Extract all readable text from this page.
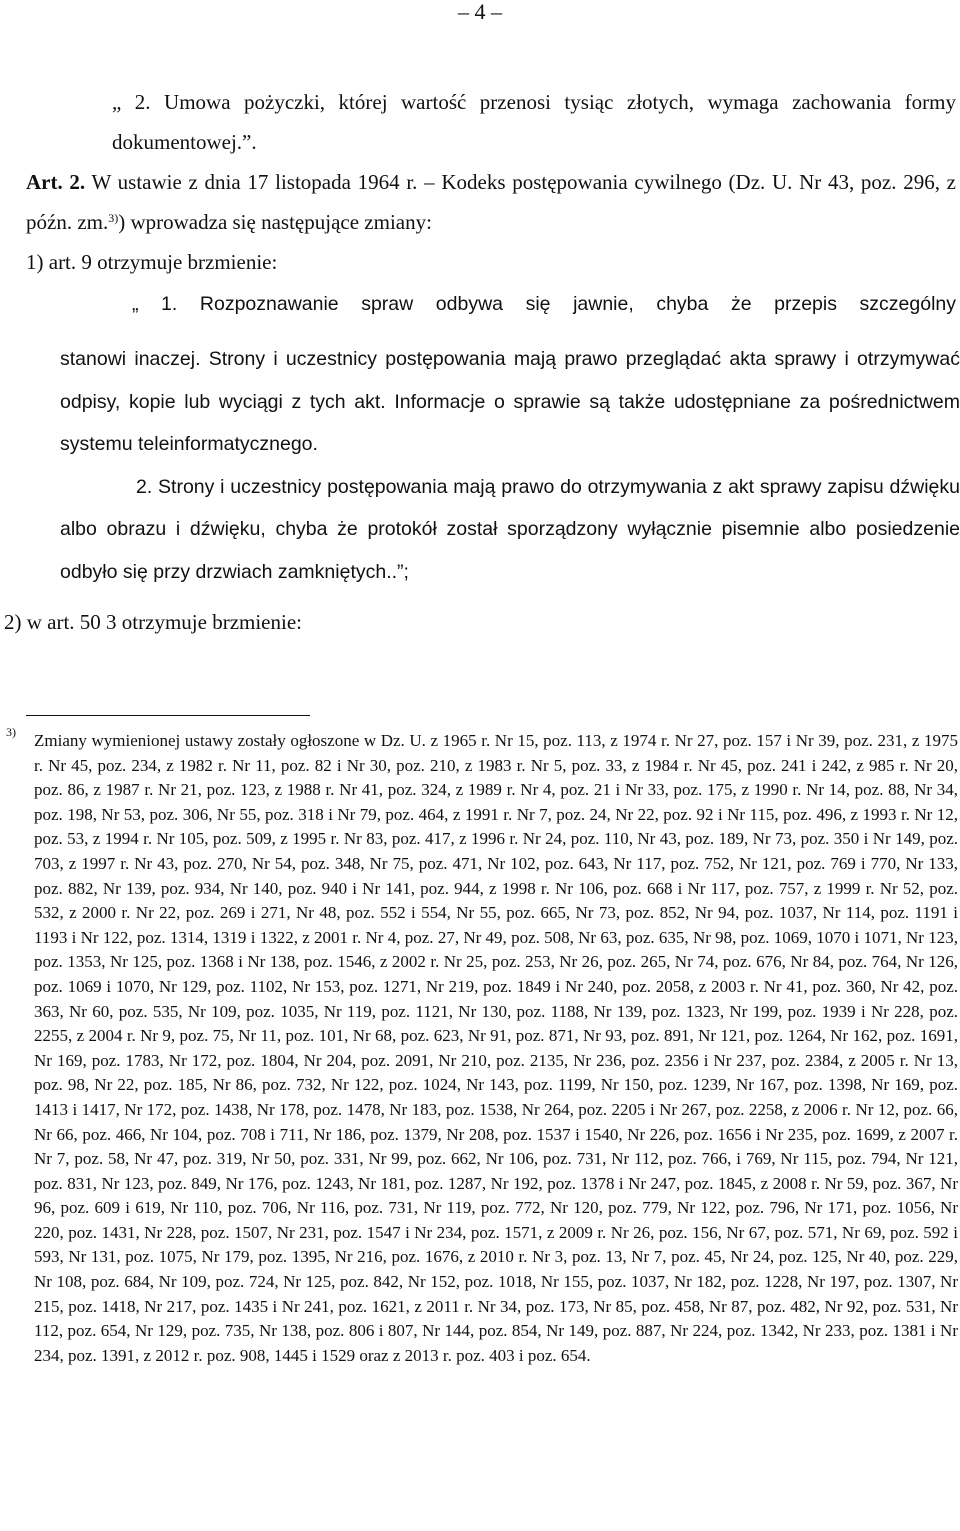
– 4 –

„ 2. Umowa pożyczki, której wartość przenosi tysiąc złotych, wymaga zachowania formy dokumentowej.”.

Art. 2. W ustawie z dnia 17 listopada 1964 r. – Kodeks postępowania cywilnego (Dz. U. Nr 43, poz. 296, z późn. zm.$^{3)}$) wprowadza się następujące zmiany:

1) art. 9 otrzymuje brzmienie:

„ 1. Rozpoznawanie spraw odbywa się jawnie, chyba że przepis szczególny

stanowi inaczej. Strony i uczestnicy postępowania mają prawo przeglądać akta sprawy i otrzymywać odpisy, kopie lub wyciągi z tych akt. Informacje o sprawie są także udostępniane za pośrednictwem systemu teleinformatycznego.

2. Strony i uczestnicy postępowania mają prawo do otrzymywania z akt sprawy zapisu dźwięku albo obrazu i dźwięku, chyba że protokół został sporządzony wyłącznie pisemnie albo posiedzenie odbyło się przy drzwiach zamkniętych..”;

2) w art. 50 3 otrzymuje brzmienie:
3) Zmiany wymienionej ustawy zostały ogłoszone w Dz. U. z 1965 r. Nr 15, poz. 113, z 1974 r. Nr 27, poz. 157 i Nr 39, poz. 231, z 1975 r. Nr 45, poz. 234, z 1982 r. Nr 11, poz. 82 i Nr 30, poz. 210, z 1983 r. Nr 5, poz. 33, z 1984 r. Nr 45, poz. 241 i 242, z 985 r. Nr 20, poz. 86, z 1987 r. Nr 21, poz. 123, z 1988 r. Nr 41, poz. 324, z 1989 r. Nr 4, poz. 21 i Nr 33, poz. 175, z 1990 r. Nr 14, poz. 88, Nr 34, poz. 198, Nr 53, poz. 306, Nr 55, poz. 318 i Nr 79, poz. 464, z 1991 r. Nr 7, poz. 24, Nr 22, poz. 92 i Nr 115, poz. 496, z 1993 r. Nr 12, poz. 53, z 1994 r. Nr 105, poz. 509, z 1995 r. Nr 83, poz. 417, z 1996 r. Nr 24, poz. 110, Nr 43, poz. 189, Nr 73, poz. 350 i Nr 149, poz. 703, z 1997 r. Nr 43, poz. 270, Nr 54, poz. 348, Nr 75, poz. 471, Nr 102, poz. 643, Nr 117, poz. 752, Nr 121, poz. 769 i 770, Nr 133, poz. 882, Nr 139, poz. 934, Nr 140, poz. 940 i Nr 141, poz. 944, z 1998 r. Nr 106, poz. 668 i Nr 117, poz. 757, z 1999 r. Nr 52, poz. 532, z 2000 r. Nr 22, poz. 269 i 271, Nr 48, poz. 552 i 554, Nr 55, poz. 665, Nr 73, poz. 852, Nr 94, poz. 1037, Nr 114, poz. 1191 i 1193 i Nr 122, poz. 1314, 1319 i 1322, z 2001 r. Nr 4, poz. 27, Nr 49, poz. 508, Nr 63, poz. 635, Nr 98, poz. 1069, 1070 i 1071, Nr 123, poz. 1353, Nr 125, poz. 1368 i Nr 138, poz. 1546, z 2002 r. Nr 25, poz. 253, Nr 26, poz. 265, Nr 74, poz. 676, Nr 84, poz. 764, Nr 126, poz. 1069 i 1070, Nr 129, poz. 1102, Nr 153, poz. 1271, Nr 219, poz. 1849 i Nr 240, poz. 2058, z 2003 r. Nr 41, poz. 360, Nr 42, poz. 363, Nr 60, poz. 535, Nr 109, poz. 1035, Nr 119, poz. 1121, Nr 130, poz. 1188, Nr 139, poz. 1323, Nr 199, poz. 1939 i Nr 228, poz. 2255, z 2004 r. Nr 9, poz. 75, Nr 11, poz. 101, Nr 68, poz. 623, Nr 91, poz. 871, Nr 93, poz. 891, Nr 121, poz. 1264, Nr 162, poz. 1691, Nr 169, poz. 1783, Nr 172, poz. 1804, Nr 204, poz. 2091, Nr 210, poz. 2135, Nr 236, poz. 2356 i Nr 237, poz. 2384, z 2005 r. Nr 13, poz. 98, Nr 22, poz. 185, Nr 86, poz. 732, Nr 122, poz. 1024, Nr 143, poz. 1199, Nr 150, poz. 1239, Nr 167, poz. 1398, Nr 169, poz. 1413 i 1417, Nr 172, poz. 1438, Nr 178, poz. 1478, Nr 183, poz. 1538, Nr 264, poz. 2205 i Nr 267, poz. 2258, z 2006 r. Nr 12, poz. 66, Nr 66, poz. 466, Nr 104, poz. 708 i 711, Nr 186, poz. 1379, Nr 208, poz. 1537 i 1540, Nr 226, poz. 1656 i Nr 235, poz. 1699, z 2007 r. Nr 7, poz. 58, Nr 47, poz. 319, Nr 50, poz. 331, Nr 99, poz. 662, Nr 106, poz. 731, Nr 112, poz. 766, i 769, Nr 115, poz. 794, Nr 121, poz. 831, Nr 123, poz. 849, Nr 176, poz. 1243, Nr 181, poz. 1287, Nr 192, poz. 1378 i Nr 247, poz. 1845, z 2008 r. Nr 59, poz. 367, Nr 96, poz. 609 i 619, Nr 110, poz. 706, Nr 116, poz. 731, Nr 119, poz. 772, Nr 120, poz. 779, Nr 122, poz. 796, Nr 171, poz. 1056, Nr 220, poz. 1431, Nr 228, poz. 1507, Nr 231, poz. 1547 i Nr 234, poz. 1571, z 2009 r. Nr 26, poz. 156, Nr 67, poz. 571, Nr 69, poz. 592 i 593, Nr 131, poz. 1075, Nr 179, poz. 1395, Nr 216, poz. 1676, z 2010 r. Nr 3, poz. 13, Nr 7, poz. 45, Nr 24, poz. 125, Nr 40, poz. 229, Nr 108, poz. 684, Nr 109, poz. 724, Nr 125, poz. 842, Nr 152, poz. 1018, Nr 155, poz. 1037, Nr 182, poz. 1228, Nr 197, poz. 1307, Nr 215, poz. 1418, Nr 217, poz. 1435 i Nr 241, poz. 1621, z 2011 r. Nr 34, poz. 173, Nr 85, poz. 458, Nr 87, poz. 482, Nr 92, poz. 531, Nr 112, poz. 654, Nr 129, poz. 735, Nr 138, poz. 806 i 807, Nr 144, poz. 854, Nr 149, poz. 887, Nr 224, poz. 1342, Nr 233, poz. 1381 i Nr 234, poz. 1391, z 2012 r. poz. 908, 1445 i 1529 oraz z 2013 r. poz. 403 i poz. 654.
